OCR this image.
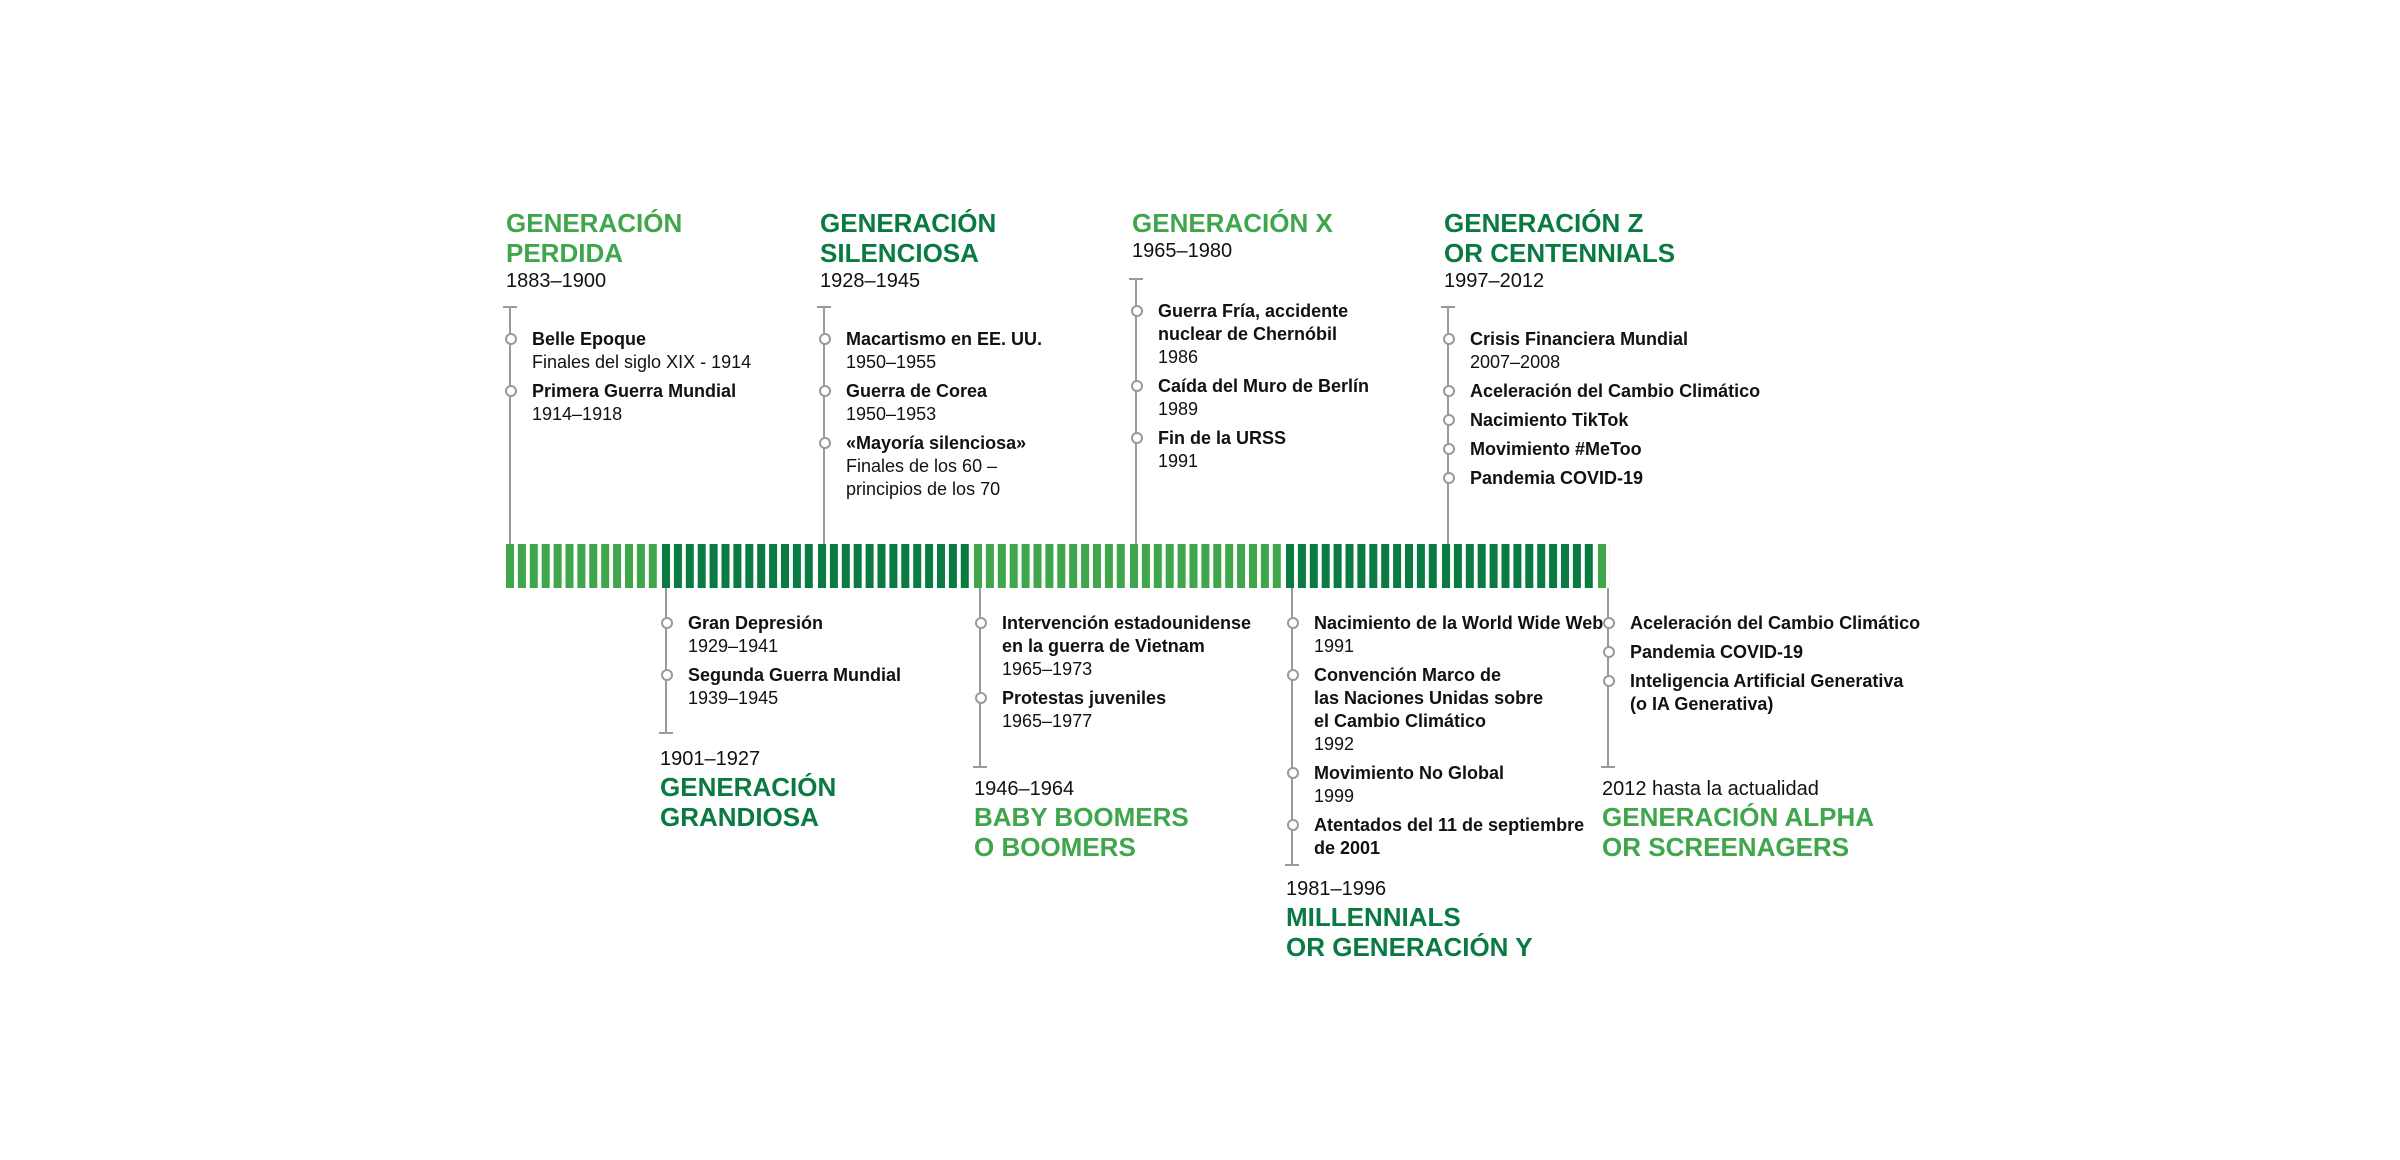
GENERACIÓN
PERDIDA
1883–1900
Belle Epoque
Finales del siglo XIX - 1914
Primera Guerra Mundial
1914–1918
GENERACIÓN
SILENCIOSA
1928–1945
Macartismo en EE. UU.
1950–1955
Guerra de Corea
1950–1953
«Mayoría silenciosa»
Finales de los 60 –
principios de los 70
GENERACIÓN X
1965–1980
Guerra Fría, accidente
nuclear de Chernóbil
1986
Caída del Muro de Berlín
1989
Fin de la URSS
1991
GENERACIÓN Z
OR CENTENNIALS
1997–2012
Crisis Financiera Mundial
2007–2008
Aceleración del Cambio Climático
Nacimiento TikTok
Movimiento #MeToo
Pandemia COVID-19
Gran Depresión
1929–1941
Segunda Guerra Mundial
1939–1945
1901–1927
GENERACIÓN
GRANDIOSA
Intervención estadounidense
en la guerra de Vietnam
1965–1973
Protestas juveniles
1965–1977
1946–1964
BABY BOOMERS
O BOOMERS
Nacimiento de la World Wide Web
1991
Convención Marco de
las Naciones Unidas sobre
el Cambio Climático
1992
Movimiento No Global
1999
Atentados del 11 de septiembre
de 2001
1981–1996
MILLENNIALS
OR GENERACIÓN Y
Aceleración del Cambio Climático
Pandemia COVID-19
Inteligencia Artificial Generativa
(o IA Generativa)
2012 hasta la actualidad
GENERACIÓN ALPHA
OR SCREENAGERS
